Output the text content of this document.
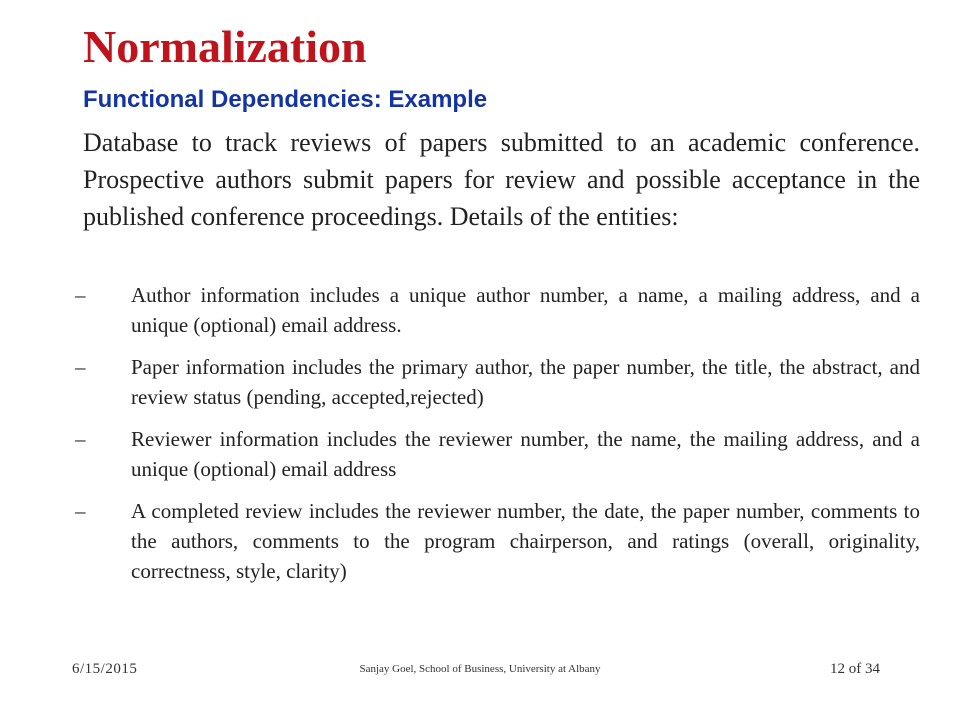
Normalization
Functional Dependencies: Example

Database to track reviews of papers submitted to an academic conference. Prospective authors submit papers for review and possible acceptance in the published conference proceedings. Details of the entities:

–	Author information includes a unique author number, a name, a mailing address, and a unique (optional) email address.
–	Paper information includes the primary author, the paper number, the title, the abstract, and review status (pending, accepted,rejected)
–	Reviewer information includes the reviewer number, the name, the mailing address, and a unique (optional) email address
–	A completed review includes the reviewer number, the date, the paper number, comments to the authors, comments to the program chairperson, and ratings (overall, originality, correctness, style, clarity)
6/15/2015	Sanjay Goel, School of Business, University at Albany	12 of 34
